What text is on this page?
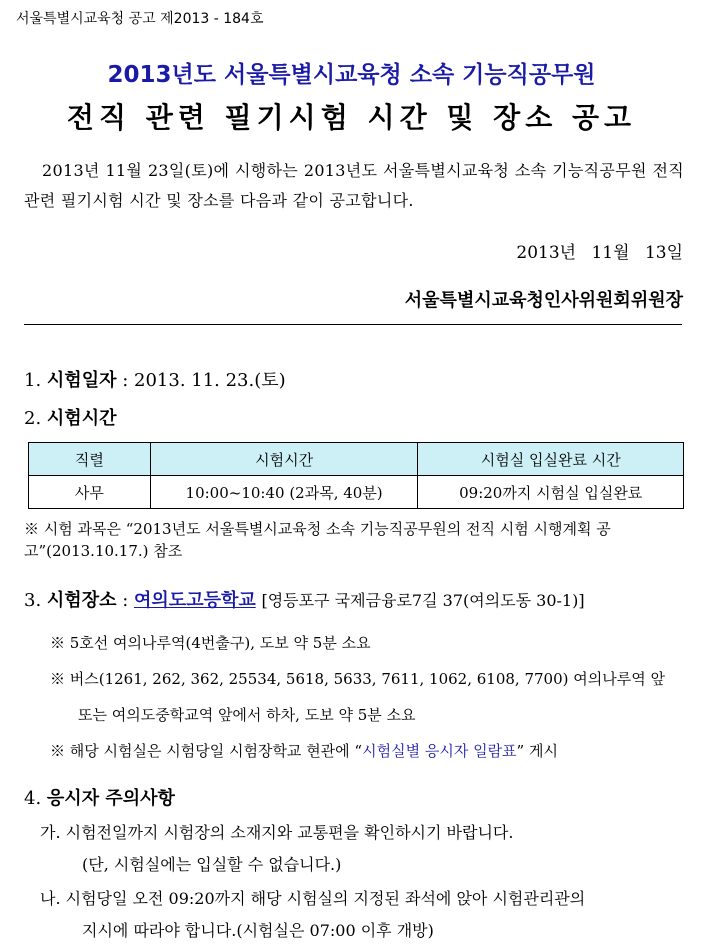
서울특별시교육청 공고 제2013 - 184호
2013년도 서울특별시교육청 소속 기능직공무원
전직 관련 필기시험 시간 및 장소 공고
2013년 11월 23일(토)에 시행하는 2013년도 서울특별시교육청 소속 기능직공무원 전직 관련 필기시험 시간 및 장소를 다음과 같이 공고합니다.
2013년 11월 13일
서울특별시교육청인사위원회위원장
1. 시험일자 : 2013. 11. 23.(토)
2. 시험시간
직렬	시험시간	시험실 입실완료 시간
사무	10:00~10:40 (2과목, 40분)	09:20까지 시험실 입실완료
※ 시험 과목은 “2013년도 서울특별시교육청 소속 기능직공무원의 전직 시험 시행계획 공고”(2013.10.17.) 참조
3. 시험장소 : 여의도고등학교 [영등포구 국제금융로7길 37(여의도동 30-1)]
※ 5호선 여의나루역(4번출구), 도보 약 5분 소요
※ 버스(1261, 262, 362, 25534, 5618, 5633, 7611, 1062, 6108, 7700) 여의나루역 앞
또는 여의도중학교역 앞에서 하차, 도보 약 5분 소요
※ 해당 시험실은 시험당일 시험장학교 현관에 “시험실별 응시자 일람표” 게시
4. 응시자 주의사항
가. 시험전일까지 시험장의 소재지와 교통편을 확인하시기 바랍니다.
(단, 시험실에는 입실할 수 없습니다.)
나. 시험당일 오전 09:20까지 해당 시험실의 지정된 좌석에 앉아 시험관리관의
지시에 따라야 합니다.(시험실은 07:00 이후 개방)
